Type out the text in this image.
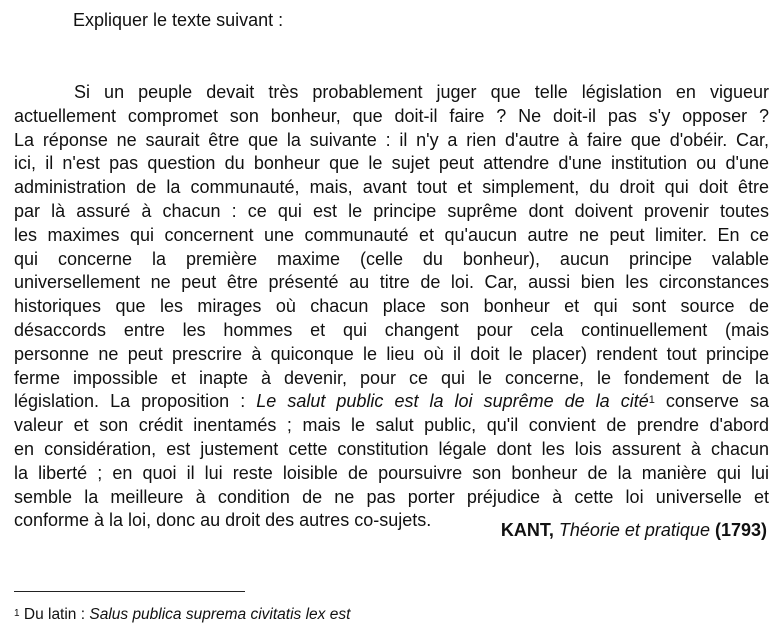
Expliquer le texte suivant :
Si un peuple devait très probablement juger que telle législation en vigueur
actuellement compromet son bonheur, que doit-il faire ? Ne doit-il pas s'y opposer ?
La réponse ne saurait être que la suivante : il n'y a rien d'autre à faire que d'obéir. Car,
ici, il n'est pas question du bonheur que le sujet peut attendre d'une institution ou d'une
administration de la communauté, mais, avant tout et simplement, du droit qui doit être
par là assuré à chacun : ce qui est le principe suprême dont doivent provenir toutes
les maximes qui concernent une communauté et qu'aucun autre ne peut limiter. En ce
qui concerne la première maxime (celle du bonheur), aucun principe valable
universellement ne peut être présenté au titre de loi. Car, aussi bien les circonstances
historiques que les mirages où chacun place son bonheur et qui sont source de
désaccords entre les hommes et qui changent pour cela continuellement (mais
personne ne peut prescrire à quiconque le lieu où il doit le placer) rendent tout principe
ferme impossible et inapte à devenir, pour ce qui le concerne, le fondement de la
législation. La proposition : Le salut public est la loi suprême de la cité$^1$ conserve sa
valeur et son crédit inentamés ; mais le salut public, qu'il convient de prendre d'abord
en considération, est justement cette constitution légale dont les lois assurent à chacun
la liberté ; en quoi il lui reste loisible de poursuivre son bonheur de la manière qui lui
semble la meilleure à condition de ne pas porter préjudice à cette loi universelle et
conforme à la loi, donc au droit des autres co-sujets.	KANT, Théorie et pratique (1793)
$^1$ Du latin : Salus publica suprema civitatis lex est
